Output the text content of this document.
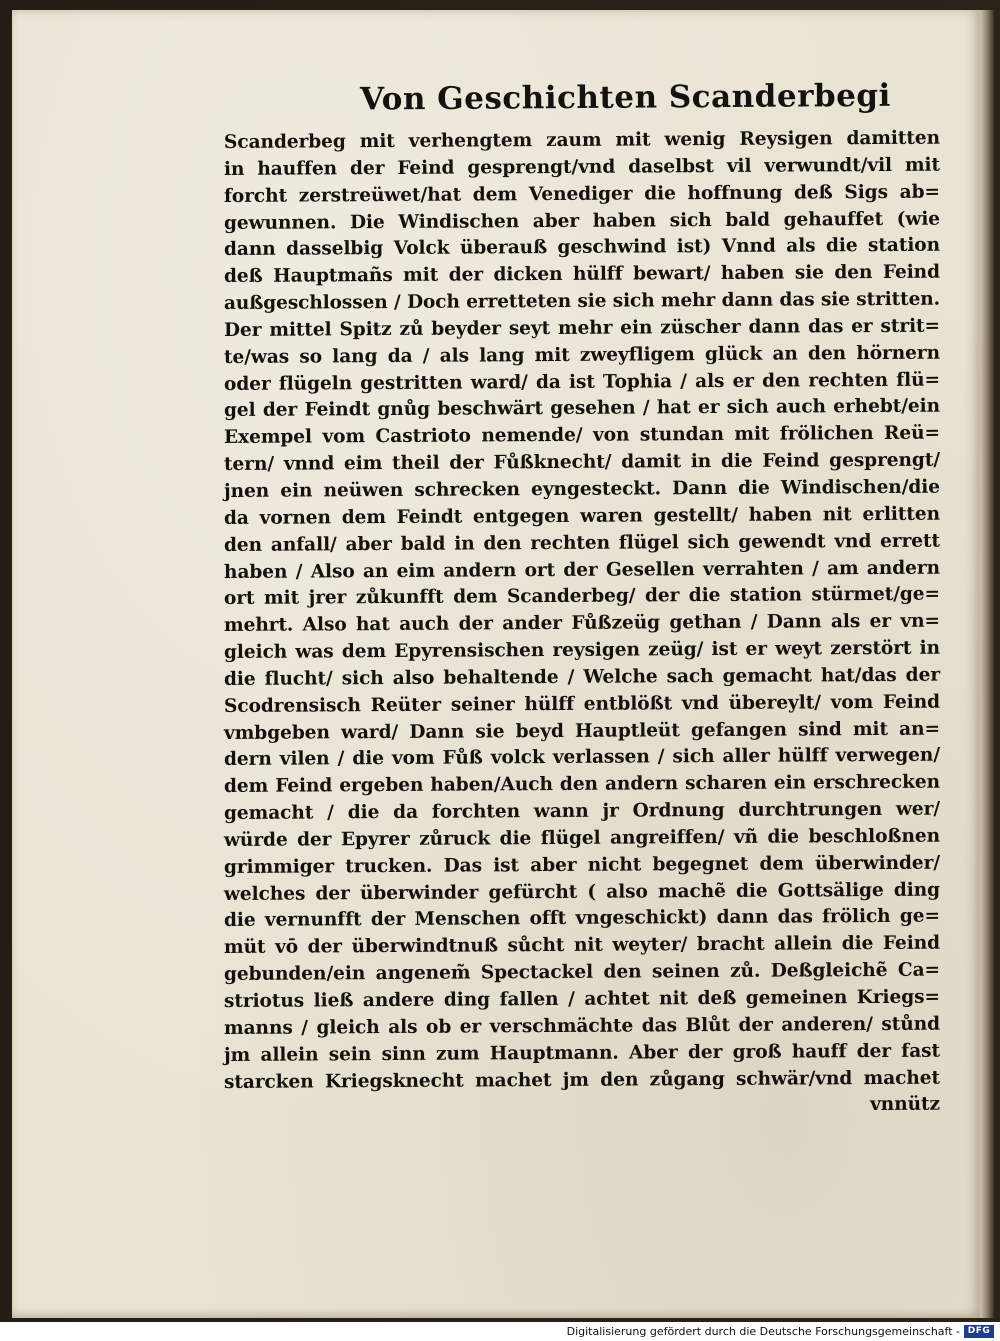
Von Geschichten Scanderbegi
Scanderbeg mit verhengtem zaum mit wenig Reysigen damitten
in hauffen der Feind gesprengt/vnd daselbst vil verwundt/vil mit
forcht zerstreüwet/hat dem Venediger die hoffnung deß Sigs ab=
gewunnen. Die Windischen aber haben sich bald gehauffet (wie
dann dasselbig Volck überauß geschwind ist) Vnnd als die station
deß Hauptmañs mit der dicken hülff bewart/ haben sie den Feind
außgeschlossen / Doch erretteten sie sich mehr dann das sie stritten.
Der mittel Spitz zů beyder seyt mehr ein züscher dann das er strit=
te/was so lang da / als lang mit zweyfligem glück an den hörnern
oder flügeln gestritten ward/ da ist Tophia / als er den rechten flü=
gel der Feindt gnůg beschwärt gesehen / hat er sich auch erhebt/ein
Exempel vom Castrioto nemende/ von stundan mit frölichen Reü=
tern/ vnnd eim theil der Fůßknecht/ damit in die Feind gesprengt/
jnen ein neüwen schrecken eyngesteckt. Dann die Windischen/die
da vornen dem Feindt entgegen waren gestellt/ haben nit erlitten
den anfall/ aber bald in den rechten flügel sich gewendt vnd errett
haben / Also an eim andern ort der Gesellen verrahten / am andern
ort mit jrer zůkunfft dem Scanderbeg/ der die station stürmet/ge=
mehrt. Also hat auch der ander Fůßzeüg gethan / Dann als er vn=
gleich was dem Epyrensischen reysigen zeüg/ ist er weyt zerstört in
die flucht/ sich also behaltende / Welche sach gemacht hat/das der
Scodrensisch Reüter seiner hülff entblößt vnd übereylt/ vom Feind
vmbgeben ward/ Dann sie beyd Hauptleüt gefangen sind mit an=
dern vilen / die vom Fůß volck verlassen / sich aller hülff verwegen/
dem Feind ergeben haben/Auch den andern scharen ein erschrecken
gemacht / die da forchten wann jr Ordnung durchtrungen wer/
würde der Epyrer zůruck die flügel angreiffen/ vñ die beschloßnen
grimmiger trucken. Das ist aber nicht begegnet dem überwinder/
welches der überwinder gefürcht ( also machẽ die Gottsälige ding
die vernunfft der Menschen offt vngeschickt) dann das frölich ge=
müt vō der überwindtnuß sůcht nit weyter/ bracht allein die Feind
gebunden/ein angenem̃ Spectackel den seinen zů. Deßgleichẽ Ca=
striotus ließ andere ding fallen / achtet nit deß gemeinen Kriegs=
manns / gleich als ob er verschmächte das Blůt der anderen/ stůnd
jm allein sein sinn zum Hauptmann. Aber der groß hauff der fast
starcken Kriegsknecht machet jm den zůgang schwär/vnd machet
vnnütz
Digitalisierung gefördert durch die Deutsche Forschungsgemeinschaft - DFG
